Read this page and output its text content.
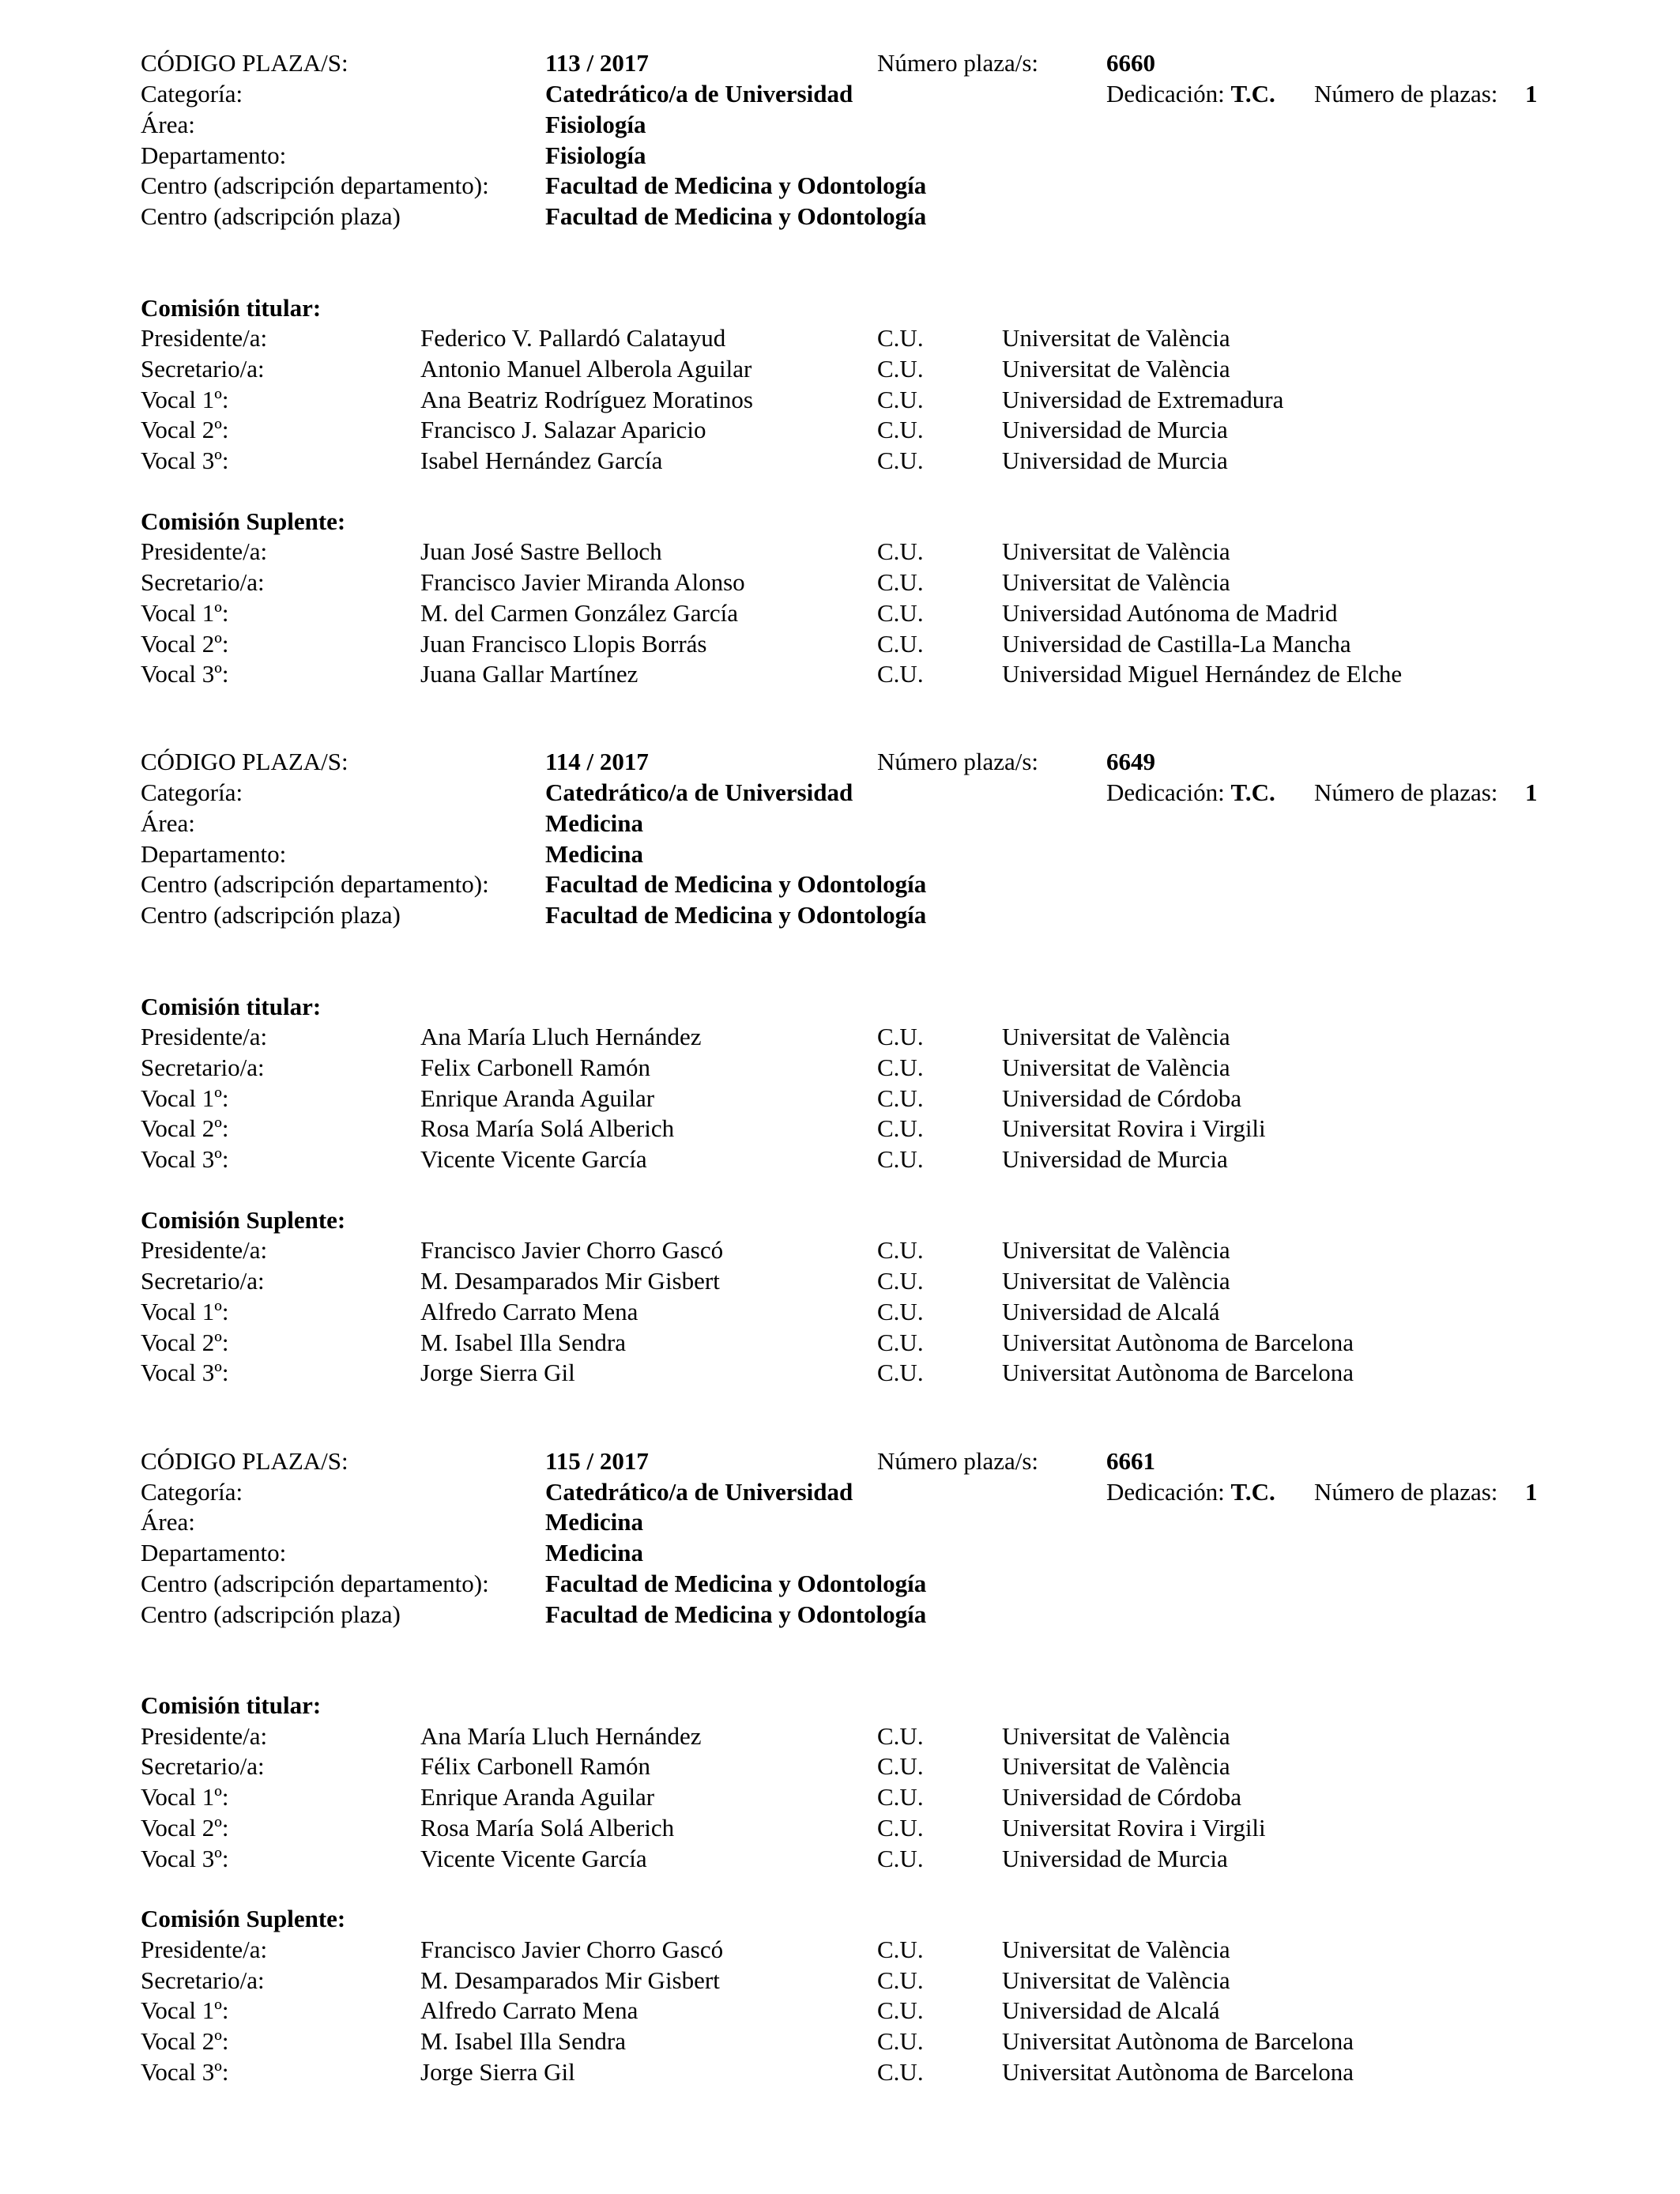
CÓDIGO PLAZA/S:	113 / 2017	Número plaza/s:	6660
Categoría:	Catedrático/a de Universidad	Dedicación: T.C. Número de plazas: 1
Área:	Fisiología
Departamento:	Fisiología
Centro (adscripción departamento): Facultad de Medicina y Odontología
Centro (adscripción plaza)	Facultad de Medicina y Odontología
Comisión titular:
Presidente/a:	Federico V. Pallardó Calatayud	C.U.	Universitat de València
Secretario/a:	Antonio Manuel Alberola Aguilar	C.U.	Universitat de València
Vocal 1º:	Ana Beatriz Rodríguez Moratinos	C.U.	Universidad de Extremadura
Vocal 2º:	Francisco J. Salazar Aparicio	C.U.	Universidad de Murcia
Vocal 3º:	Isabel Hernández García	C.U.	Universidad de Murcia
Comisión Suplente:
Presidente/a:	Juan José Sastre Belloch	C.U.	Universitat de València
Secretario/a:	Francisco Javier Miranda Alonso	C.U.	Universitat de València
Vocal 1º:	M. del Carmen González García	C.U.	Universidad Autónoma de Madrid
Vocal 2º:	Juan Francisco Llopis Borrás	C.U.	Universidad de Castilla-La Mancha
Vocal 3º:	Juana Gallar Martínez	C.U.	Universidad Miguel Hernández de Elche
CÓDIGO PLAZA/S:	114 / 2017	Número plaza/s:	6649
Categoría:	Catedrático/a de Universidad	Dedicación: T.C. Número de plazas: 1
Área:	Medicina
Departamento:	Medicina
Centro (adscripción departamento): Facultad de Medicina y Odontología
Centro (adscripción plaza)	Facultad de Medicina y Odontología
Comisión titular:
Presidente/a:	Ana María Lluch Hernández	C.U.	Universitat de València
Secretario/a:	Felix Carbonell Ramón	C.U.	Universitat de València
Vocal 1º:	Enrique Aranda Aguilar	C.U.	Universidad de Córdoba
Vocal 2º:	Rosa María Solá Alberich	C.U.	Universitat Rovira i Virgili
Vocal 3º:	Vicente Vicente García	C.U.	Universidad de Murcia
Comisión Suplente:
Presidente/a:	Francisco Javier Chorro Gascó	C.U.	Universitat de València
Secretario/a:	M. Desamparados Mir Gisbert	C.U.	Universitat de València
Vocal 1º:	Alfredo Carrato Mena	C.U.	Universidad de Alcalá
Vocal 2º:	M. Isabel Illa Sendra	C.U.	Universitat Autònoma de Barcelona
Vocal 3º:	Jorge Sierra Gil	C.U.	Universitat Autònoma de Barcelona
CÓDIGO PLAZA/S:	115 / 2017	Número plaza/s:	6661
Categoría:	Catedrático/a de Universidad	Dedicación: T.C. Número de plazas: 1
Área:	Medicina
Departamento:	Medicina
Centro (adscripción departamento): Facultad de Medicina y Odontología
Centro (adscripción plaza)	Facultad de Medicina y Odontología
Comisión titular:
Presidente/a:	Ana María Lluch Hernández	C.U.	Universitat de València
Secretario/a:	Félix Carbonell Ramón	C.U.	Universitat de València
Vocal 1º:	Enrique Aranda Aguilar	C.U.	Universidad de Córdoba
Vocal 2º:	Rosa María Solá Alberich	C.U.	Universitat Rovira i Virgili
Vocal 3º:	Vicente Vicente García	C.U.	Universidad de Murcia
Comisión Suplente:
Presidente/a:	Francisco Javier Chorro Gascó	C.U.	Universitat de València
Secretario/a:	M. Desamparados Mir Gisbert	C.U.	Universitat de València
Vocal 1º:	Alfredo Carrato Mena	C.U.	Universidad de Alcalá
Vocal 2º:	M. Isabel Illa Sendra	C.U.	Universitat Autònoma de Barcelona
Vocal 3º:	Jorge Sierra Gil	C.U.	Universitat Autònoma de Barcelona
